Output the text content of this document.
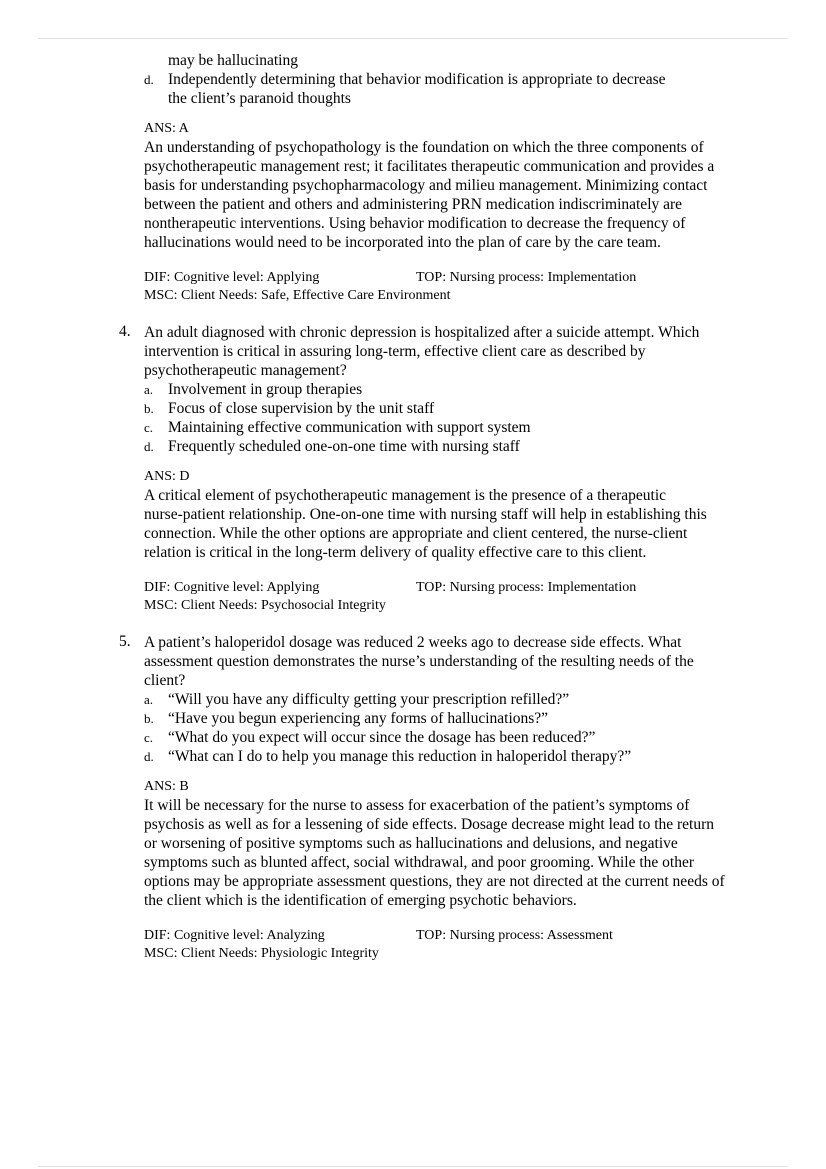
may be hallucinating
d. Independently determining that behavior modification is appropriate to decrease
the client’s paranoid thoughts
ANS: A
An understanding of psychopathology is the foundation on which the three components of
psychotherapeutic management rest; it facilitates therapeutic communication and provides a
basis for understanding psychopharmacology and milieu management. Minimizing contact
between the patient and others and administering PRN medication indiscriminately are
nontherapeutic interventions. Using behavior modification to decrease the frequency of
hallucinations would need to be incorporated into the plan of care by the care team.
DIF: Cognitive level: Applying	TOP: Nursing process: Implementation
MSC: Client Needs: Safe, Effective Care Environment
4. An adult diagnosed with chronic depression is hospitalized after a suicide attempt. Which
intervention is critical in assuring long-term, effective client care as described by
psychotherapeutic management?
a. Involvement in group therapies
b. Focus of close supervision by the unit staff
c. Maintaining effective communication with support system
d. Frequently scheduled one-on-one time with nursing staff
ANS: D
A critical element of psychotherapeutic management is the presence of a therapeutic
nurse-patient relationship. One-on-one time with nursing staff will help in establishing this
connection. While the other options are appropriate and client centered, the nurse-client
relation is critical in the long-term delivery of quality effective care to this client.
DIF: Cognitive level: Applying	TOP: Nursing process: Implementation
MSC: Client Needs: Psychosocial Integrity
5. A patient’s haloperidol dosage was reduced 2 weeks ago to decrease side effects. What
assessment question demonstrates the nurse’s understanding of the resulting needs of the
client?
a. “Will you have any difficulty getting your prescription refilled?”
b. “Have you begun experiencing any forms of hallucinations?”
c. “What do you expect will occur since the dosage has been reduced?”
d. “What can I do to help you manage this reduction in haloperidol therapy?”
ANS: B
It will be necessary for the nurse to assess for exacerbation of the patient’s symptoms of
psychosis as well as for a lessening of side effects. Dosage decrease might lead to the return
or worsening of positive symptoms such as hallucinations and delusions, and negative
symptoms such as blunted affect, social withdrawal, and poor grooming. While the other
options may be appropriate assessment questions, they are not directed at the current needs of
the client which is the identification of emerging psychotic behaviors.
DIF: Cognitive level: Analyzing	TOP: Nursing process: Assessment
MSC: Client Needs: Physiologic Integrity
